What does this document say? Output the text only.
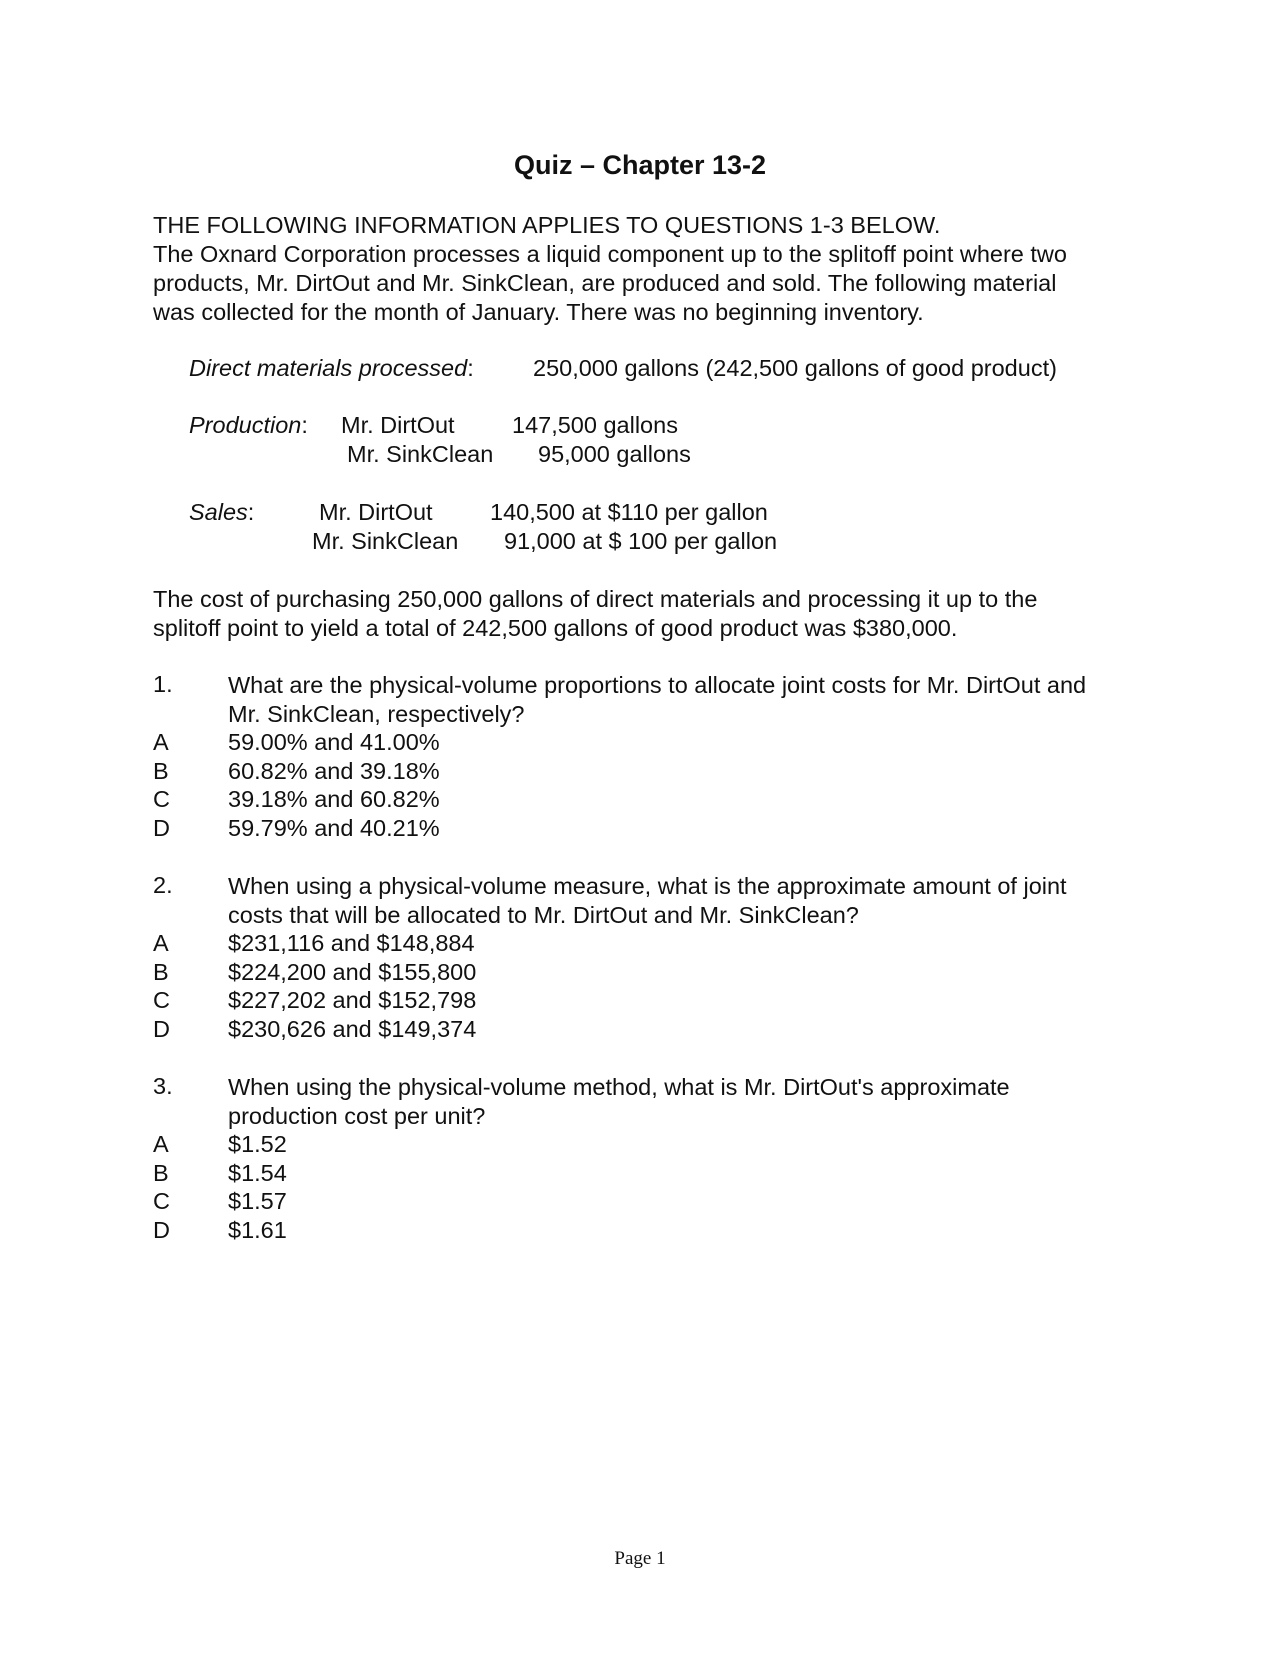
Quiz – Chapter 13-2
THE FOLLOWING INFORMATION APPLIES TO QUESTIONS 1-3 BELOW.
The Oxnard Corporation processes a liquid component up to the splitoff point where two
products, Mr. DirtOut and Mr. SinkClean, are produced and sold. The following material
was collected for the month of January. There was no beginning inventory.
Direct materials processed:	250,000 gallons (242,500 gallons of good product)
Production: Mr. DirtOut 147,500 gallons
Mr. SinkClean 95,000 gallons
Sales:	Mr. DirtOut 140,500 at $110 per gallon
Mr. SinkClean 91,000 at $ 100 per gallon
The cost of purchasing 250,000 gallons of direct materials and processing it up to the
splitoff point to yield a total of 242,500 gallons of good product was $380,000.
1. What are the physical-volume proportions to allocate joint costs for Mr. DirtOut and
Mr. SinkClean, respectively?
A	59.00% and 41.00%
B	60.82% and 39.18%
C 39.18% and 60.82%
D 59.79% and 40.21%
2. When using a physical-volume measure, what is the approximate amount of joint
costs that will be allocated to Mr. DirtOut and Mr. SinkClean?
A	$231,116 and $148,884
B	$224,200 and $155,800
C $227,202 and $152,798
D $230,626 and $149,374
3. When using the physical-volume method, what is Mr. DirtOut's approximate
production cost per unit?
A	$1.52
B	$1.54
C $1.57
D $1.61
Page 1
